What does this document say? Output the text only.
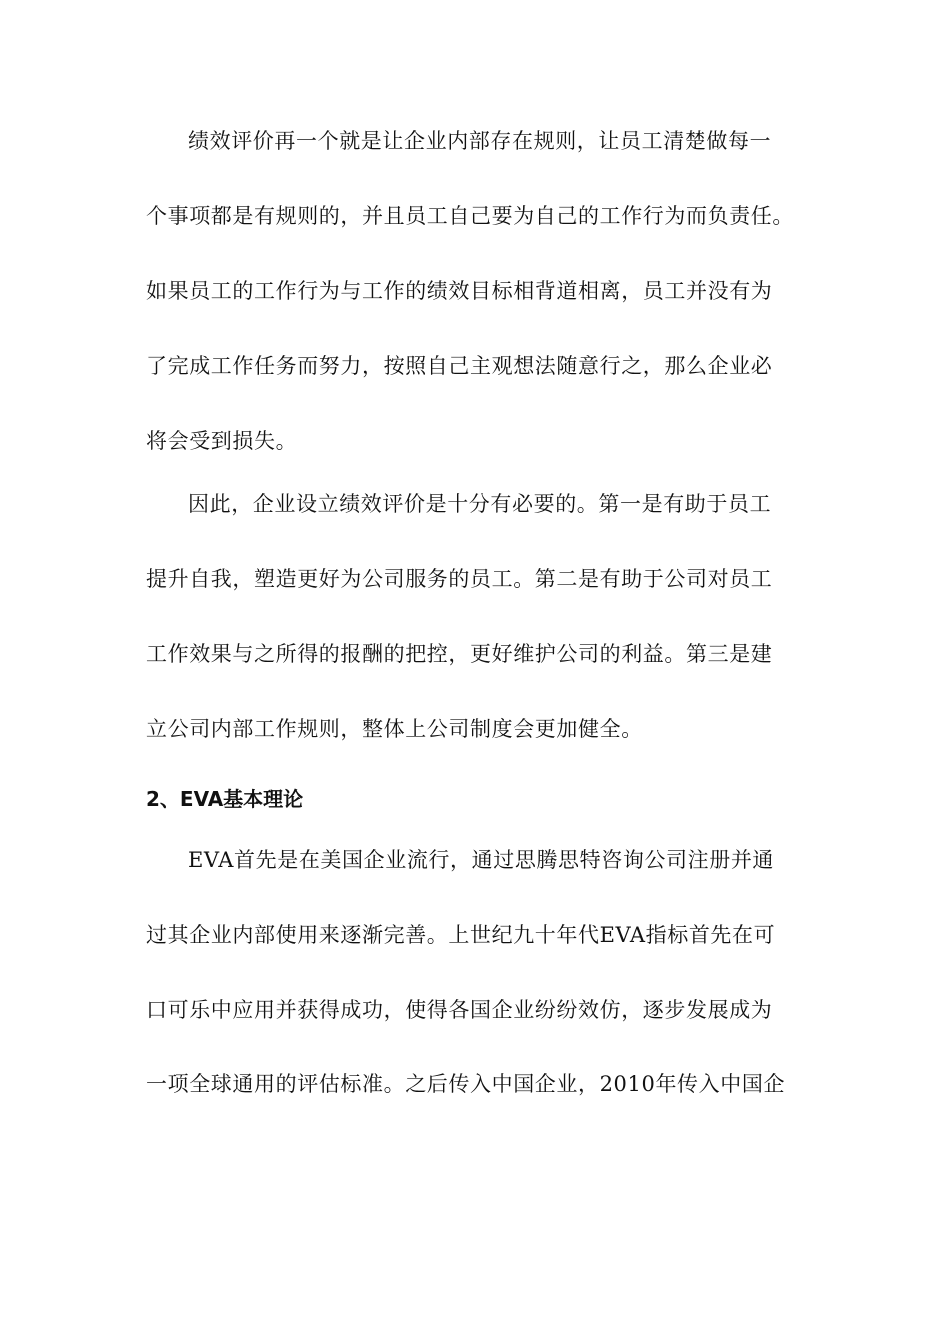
绩效评价再一个就是让企业内部存在规则，让员工清楚做每一
个事项都是有规则的，并且员工自己要为自己的工作行为而负责任。
如果员工的工作行为与工作的绩效目标相背道相离，员工并没有为
了完成工作任务而努力，按照自己主观想法随意行之，那么企业必
将会受到损失。
因此，企业设立绩效评价是十分有必要的。第一是有助于员工
提升自我，塑造更好为公司服务的员工。第二是有助于公司对员工
工作效果与之所得的报酬的把控，更好维护公司的利益。第三是建
立公司内部工作规则，整体上公司制度会更加健全。
2、EVA基本理论
EVA首先是在美国企业流行，通过思腾思特咨询公司注册并通
过其企业内部使用来逐渐完善。上世纪九十年代EVA指标首先在可
口可乐中应用并获得成功，使得各国企业纷纷效仿，逐步发展成为
一项全球通用的评估标准。之后传入中国企业，2010年传入中国企
